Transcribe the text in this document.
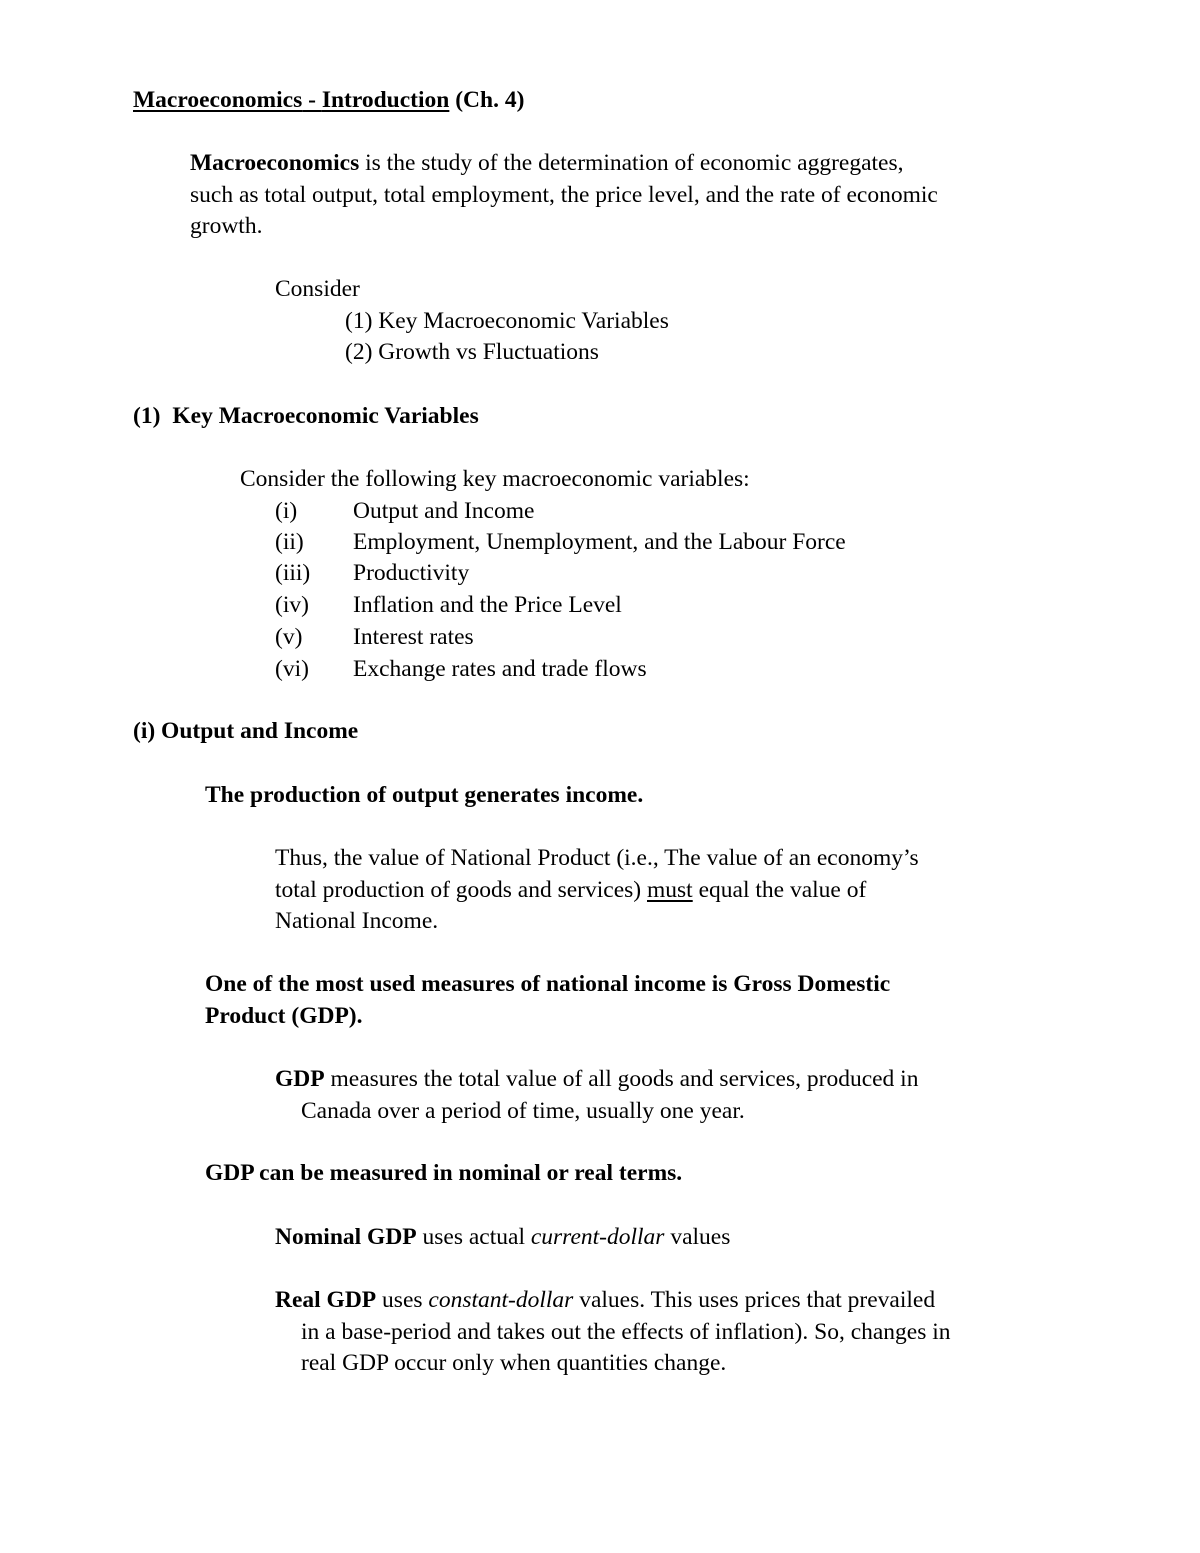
Macroeconomics - Introduction (Ch. 4)
Macroeconomics is the study of the determination of economic aggregates,
such as total output, total employment, the price level, and the rate of economic
growth.
Consider
(1) Key Macroeconomic Variables
(2) Growth vs Fluctuations
(1) Key Macroeconomic Variables
Consider the following key macroeconomic variables:
(i) Output and Income
(ii) Employment, Unemployment, and the Labour Force
(iii) Productivity
(iv) Inflation and the Price Level
(v) Interest rates
(vi) Exchange rates and trade flows
(i) Output and Income
The production of output generates income.
Thus, the value of National Product (i.e., The value of an economy’s
total production of goods and services) must equal the value of
National Income.
One of the most used measures of national income is Gross Domestic
Product (GDP).
GDP measures the total value of all goods and services, produced in
Canada over a period of time, usually one year.
GDP can be measured in nominal or real terms.
Nominal GDP uses actual current-dollar values
Real GDP uses constant-dollar values. This uses prices that prevailed
in a base-period and takes out the effects of inflation). So, changes in
real GDP occur only when quantities change.
